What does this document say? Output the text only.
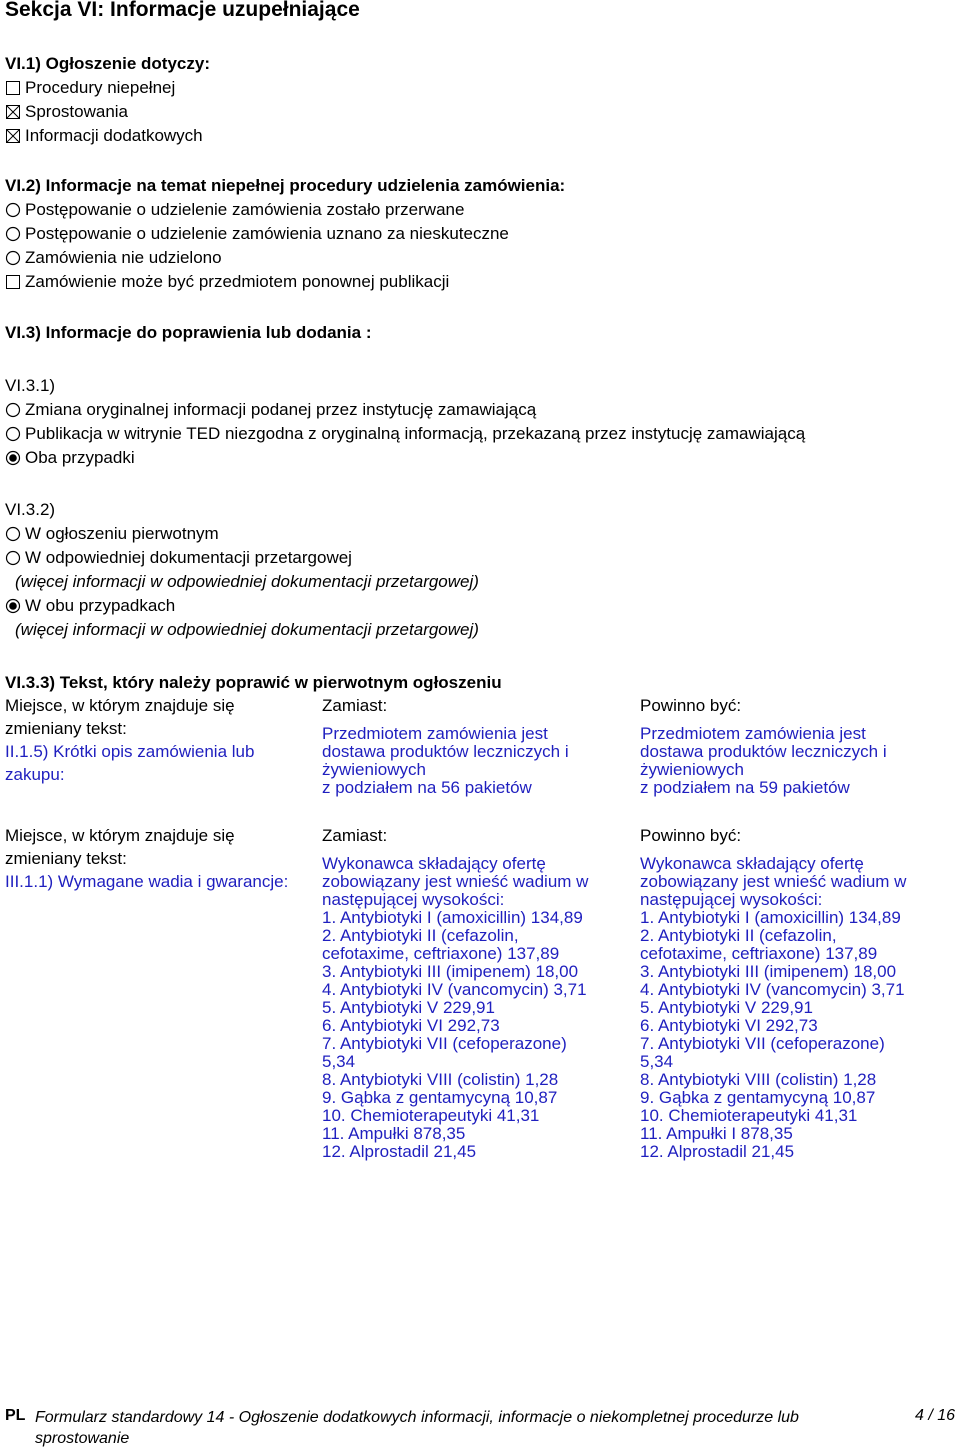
Sekcja VI: Informacje uzupełniające
VI.1) Ogłoszenie dotyczy:
Procedury niepełnej
Sprostowania
Informacji dodatkowych
VI.2) Informacje na temat niepełnej procedury udzielenia zamówienia:
Postępowanie o udzielenie zamówienia zostało przerwane
Postępowanie o udzielenie zamówienia uznano za nieskuteczne
Zamówienia nie udzielono
Zamówienie może być przedmiotem ponownej publikacji
VI.3) Informacje do poprawienia lub dodania :
VI.3.1)
Zmiana oryginalnej informacji podanej przez instytucję zamawiającą
Publikacja w witrynie TED niezgodna z oryginalną informacją, przekazaną przez instytucję zamawiającą
Oba przypadki
VI.3.2)
W ogłoszeniu pierwotnym
W odpowiedniej dokumentacji przetargowej
(więcej informacji w odpowiedniej dokumentacji przetargowej)
W obu przypadkach
(więcej informacji w odpowiedniej dokumentacji przetargowej)
VI.3.3) Tekst, który należy poprawić w pierwotnym ogłoszeniu
Miejsce, w którym znajduje się zmieniany tekst:
II.1.5) Krótki opis zamówienia lub zakupu:
Zamiast:
Przedmiotem zamówienia jest
dostawa produktów leczniczych i
żywieniowych
z podziałem na 56 pakietów
Powinno być:
Przedmiotem zamówienia jest
dostawa produktów leczniczych i
żywieniowych
z podziałem na 59 pakietów
Miejsce, w którym znajduje się zmieniany tekst:
III.1.1) Wymagane wadia i gwarancje:
Zamiast:
Wykonawca składający ofertę
zobowiązany jest wnieść wadium w
następującej wysokości:
1. Antybiotyki I (amoxicillin) 134,89
2. Antybiotyki II (cefazolin,
cefotaxime, ceftriaxone) 137,89
3. Antybiotyki III (imipenem) 18,00
4. Antybiotyki IV (vancomycin) 3,71
5. Antybiotyki V 229,91
6. Antybiotyki VI 292,73
7. Antybiotyki VII (cefoperazone)
5,34
8. Antybiotyki VIII (colistin) 1,28
9. Gąbka z gentamycyną 10,87
10. Chemioterapeutyki 41,31
11. Ampułki 878,35
12. Alprostadil 21,45
Powinno być:
Wykonawca składający ofertę
zobowiązany jest wnieść wadium w
następującej wysokości:
1. Antybiotyki I (amoxicillin) 134,89
2. Antybiotyki II (cefazolin,
cefotaxime, ceftriaxone) 137,89
3. Antybiotyki III (imipenem) 18,00
4. Antybiotyki IV (vancomycin) 3,71
5. Antybiotyki V 229,91
6. Antybiotyki VI 292,73
7. Antybiotyki VII (cefoperazone)
5,34
8. Antybiotyki VIII (colistin) 1,28
9. Gąbka z gentamycyną 10,87
10. Chemioterapeutyki 41,31
11. Ampułki I 878,35
12. Alprostadil 21,45
PL Formularz standardowy 14 - Ogłoszenie dodatkowych informacji, informacje o niekompletnej procedurze lub sprostowanie
4 / 16
